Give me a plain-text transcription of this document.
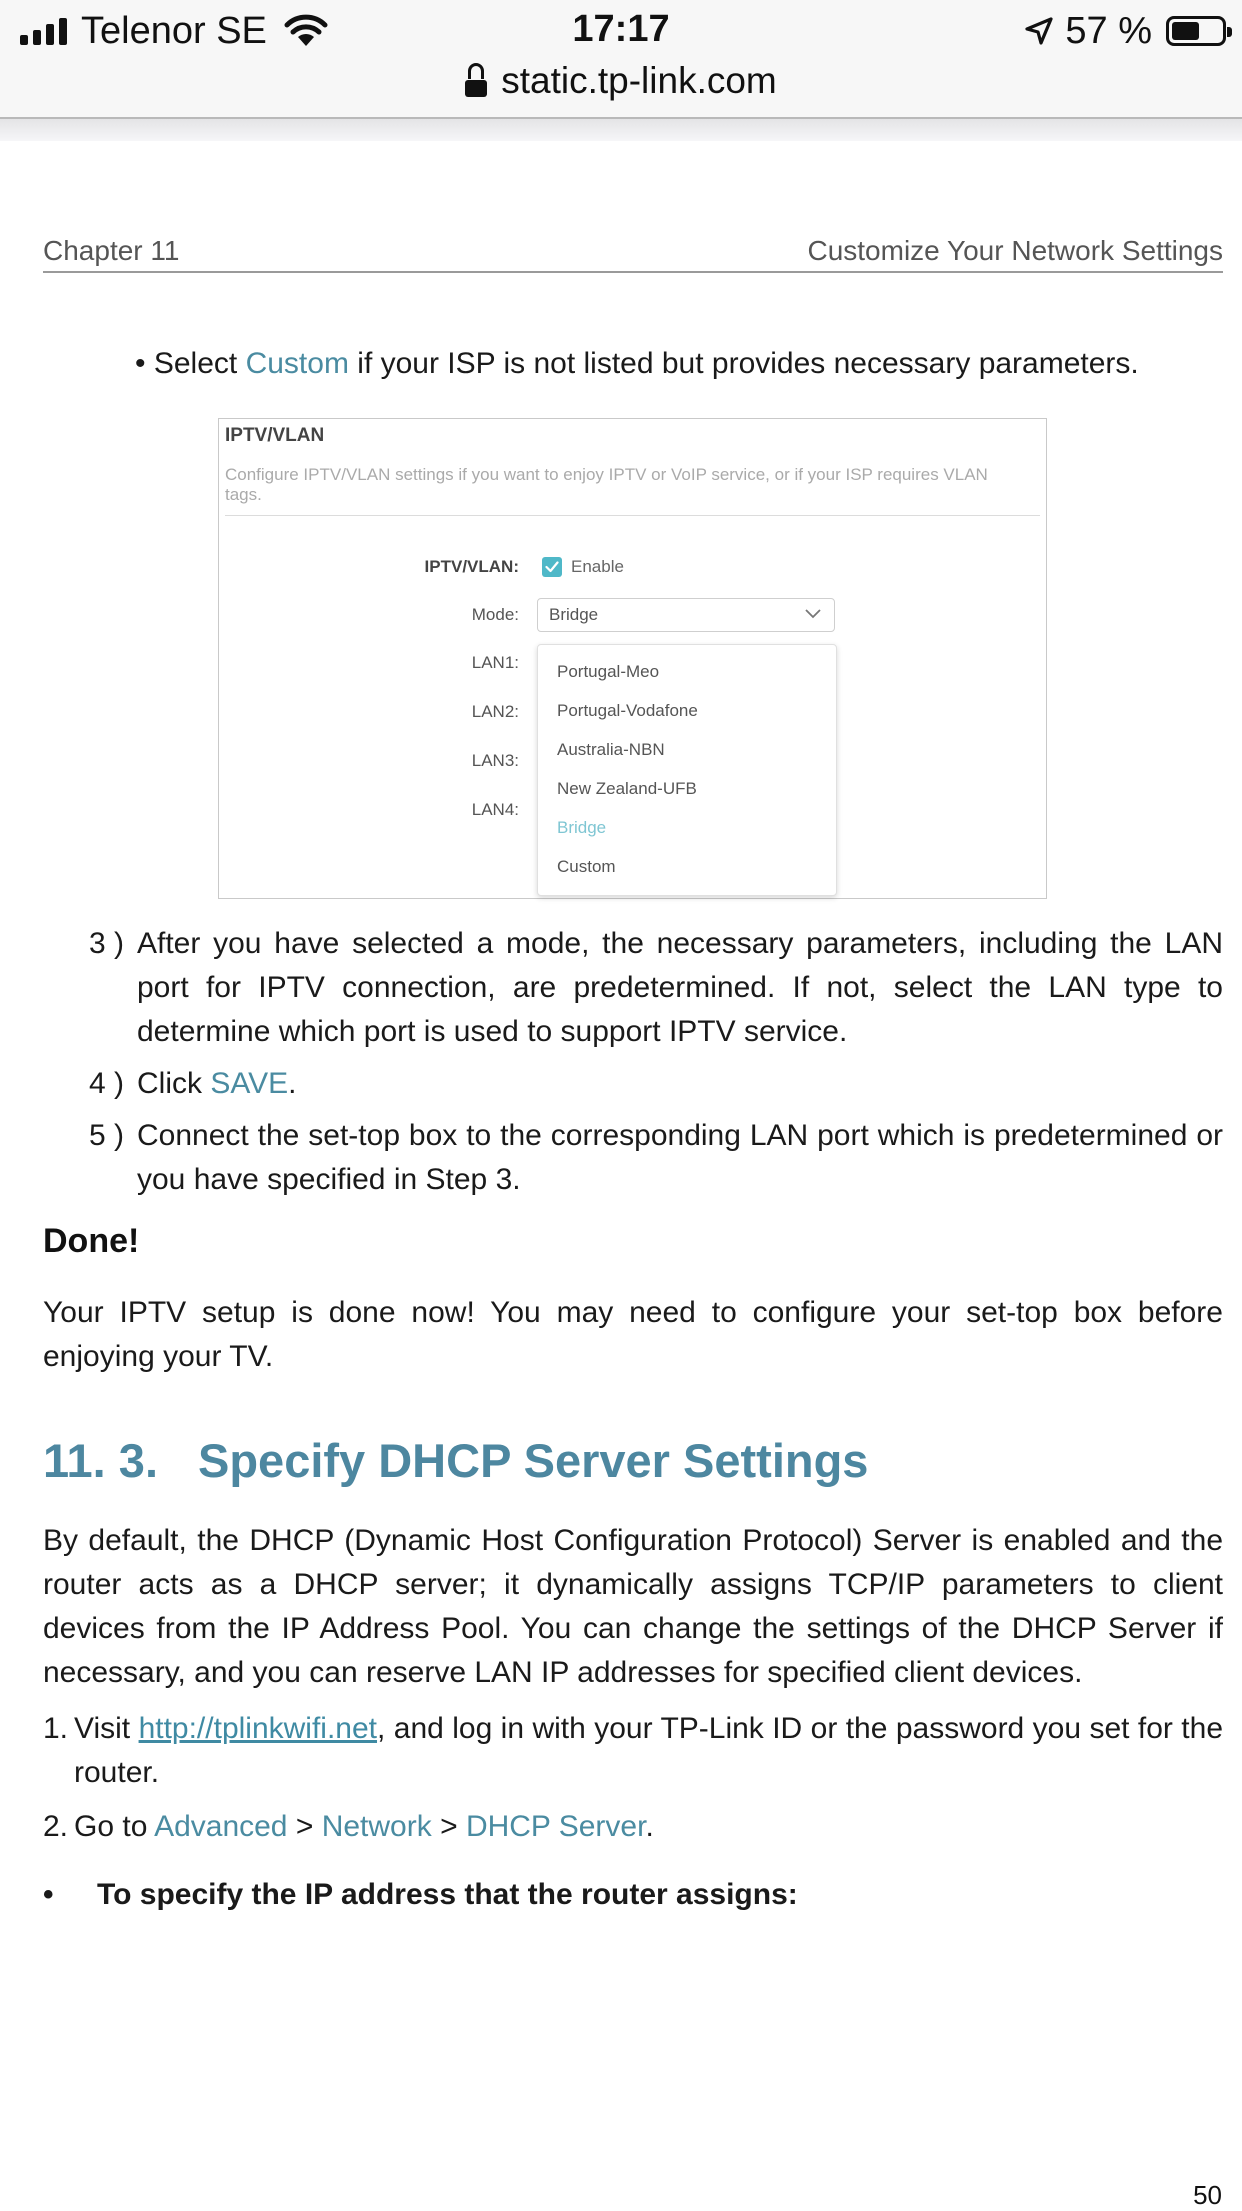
Telenor SE	17:17	57 %
static.tp-link.com
Chapter 11	Customize Your Network Settings
• Select Custom if your ISP is not listed but provides necessary parameters.
IPTV/VLAN
Configure IPTV/VLAN settings if you want to enjoy IPTV or VoIP service, or if your ISP requires VLAN tags.
IPTV/VLAN:	Enable
Mode: Bridge
LAN1:
LAN2:
LAN3:
LAN4:
Portugal-Meo
Portugal-Vodafone
Australia-NBN
New Zealand-UFB
Bridge
Custom
3 ) After you have selected a mode, the necessary parameters, including the LAN port for IPTV connection, are predetermined. If not, select the LAN type to determine which port is used to support IPTV service.
4 ) Click SAVE.
5 ) Connect the set-top box to the corresponding LAN port which is predetermined or you have specified in Step 3.
Done!
Your IPTV setup is done now! You may need to configure your set-top box before enjoying your TV.
11. 3. Specify DHCP Server Settings
By default, the DHCP (Dynamic Host Configuration Protocol) Server is enabled and the router acts as a DHCP server; it dynamically assigns TCP/IP parameters to client devices from the IP Address Pool. You can change the settings of the DHCP Server if necessary, and you can reserve LAN IP addresses for specified client devices.
1. Visit http://tplinkwifi.net, and log in with your TP-Link ID or the password you set for the router.
2. Go to Advanced > Network > DHCP Server.
• To specify the IP address that the router assigns:
50
